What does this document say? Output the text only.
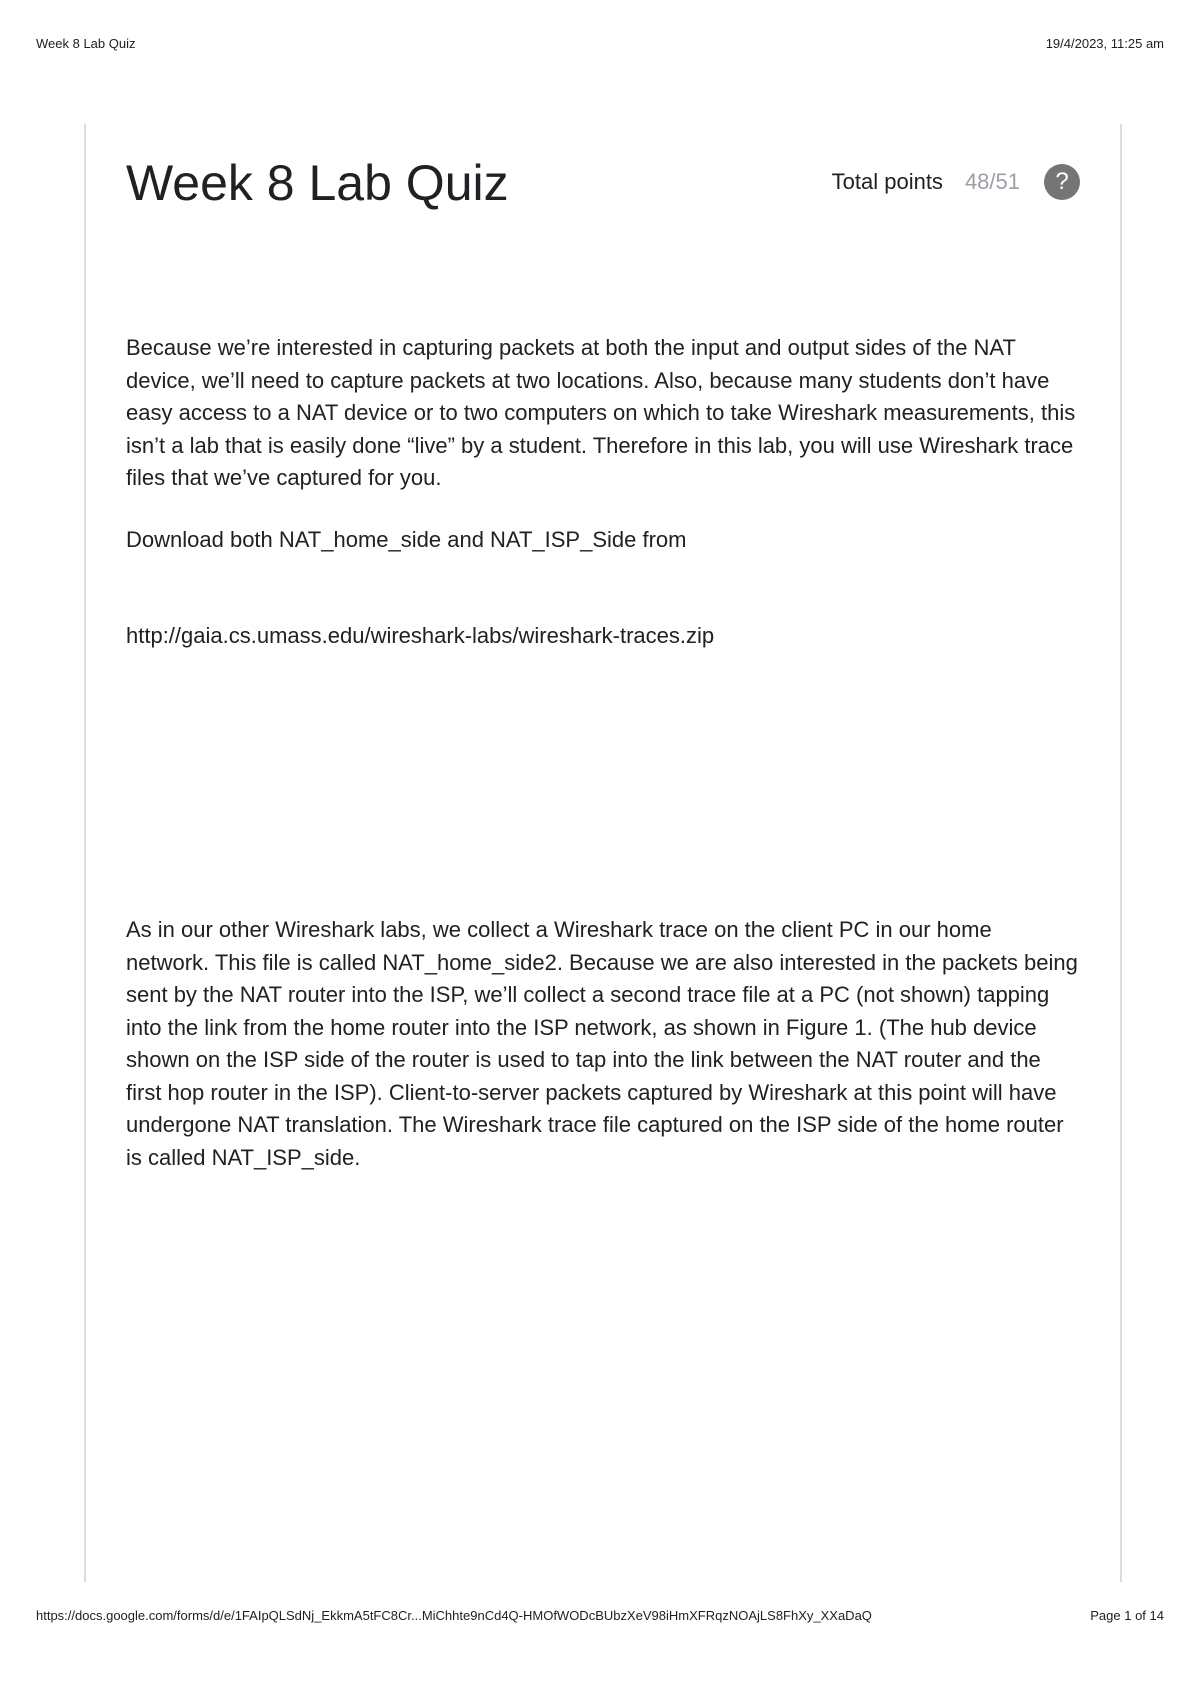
Week 8 Lab Quiz	19/4/2023, 11:25 am
Week 8 Lab Quiz	Total points 48/51	?
Because we’re interested in capturing packets at both the input and output sides of the NAT device, we’ll need to capture packets at two locations. Also, because many students don’t have easy access to a NAT device or to two computers on which to take Wireshark measurements, this isn’t a lab that is easily done “live” by a student. Therefore in this lab, you will use Wireshark trace files that we’ve captured for you.
Download both NAT_home_side and NAT_ISP_Side from
http://gaia.cs.umass.edu/wireshark-labs/wireshark-traces.zip
As in our other Wireshark labs, we collect a Wireshark trace on the client PC in our home network. This file is called NAT_home_side2. Because we are also interested in the packets being sent by the NAT router into the ISP, we’ll collect a second trace file at a PC (not shown) tapping into the link from the home router into the ISP network, as shown in Figure 1. (The hub device shown on the ISP side of the router is used to tap into the link between the NAT router and the first hop router in the ISP). Client-to-server packets captured by Wireshark at this point will have undergone NAT translation. The Wireshark trace file captured on the ISP side of the home router is called NAT_ISP_side.
https://docs.google.com/forms/d/e/1FAIpQLSdNj_EkkmA5tFC8Cr...MiChhte9nCd4Q-HMOfWODcBUbzXeV98iHmXFRqzNOAjLS8FhXy_XXaDaQ	Page 1 of 14
